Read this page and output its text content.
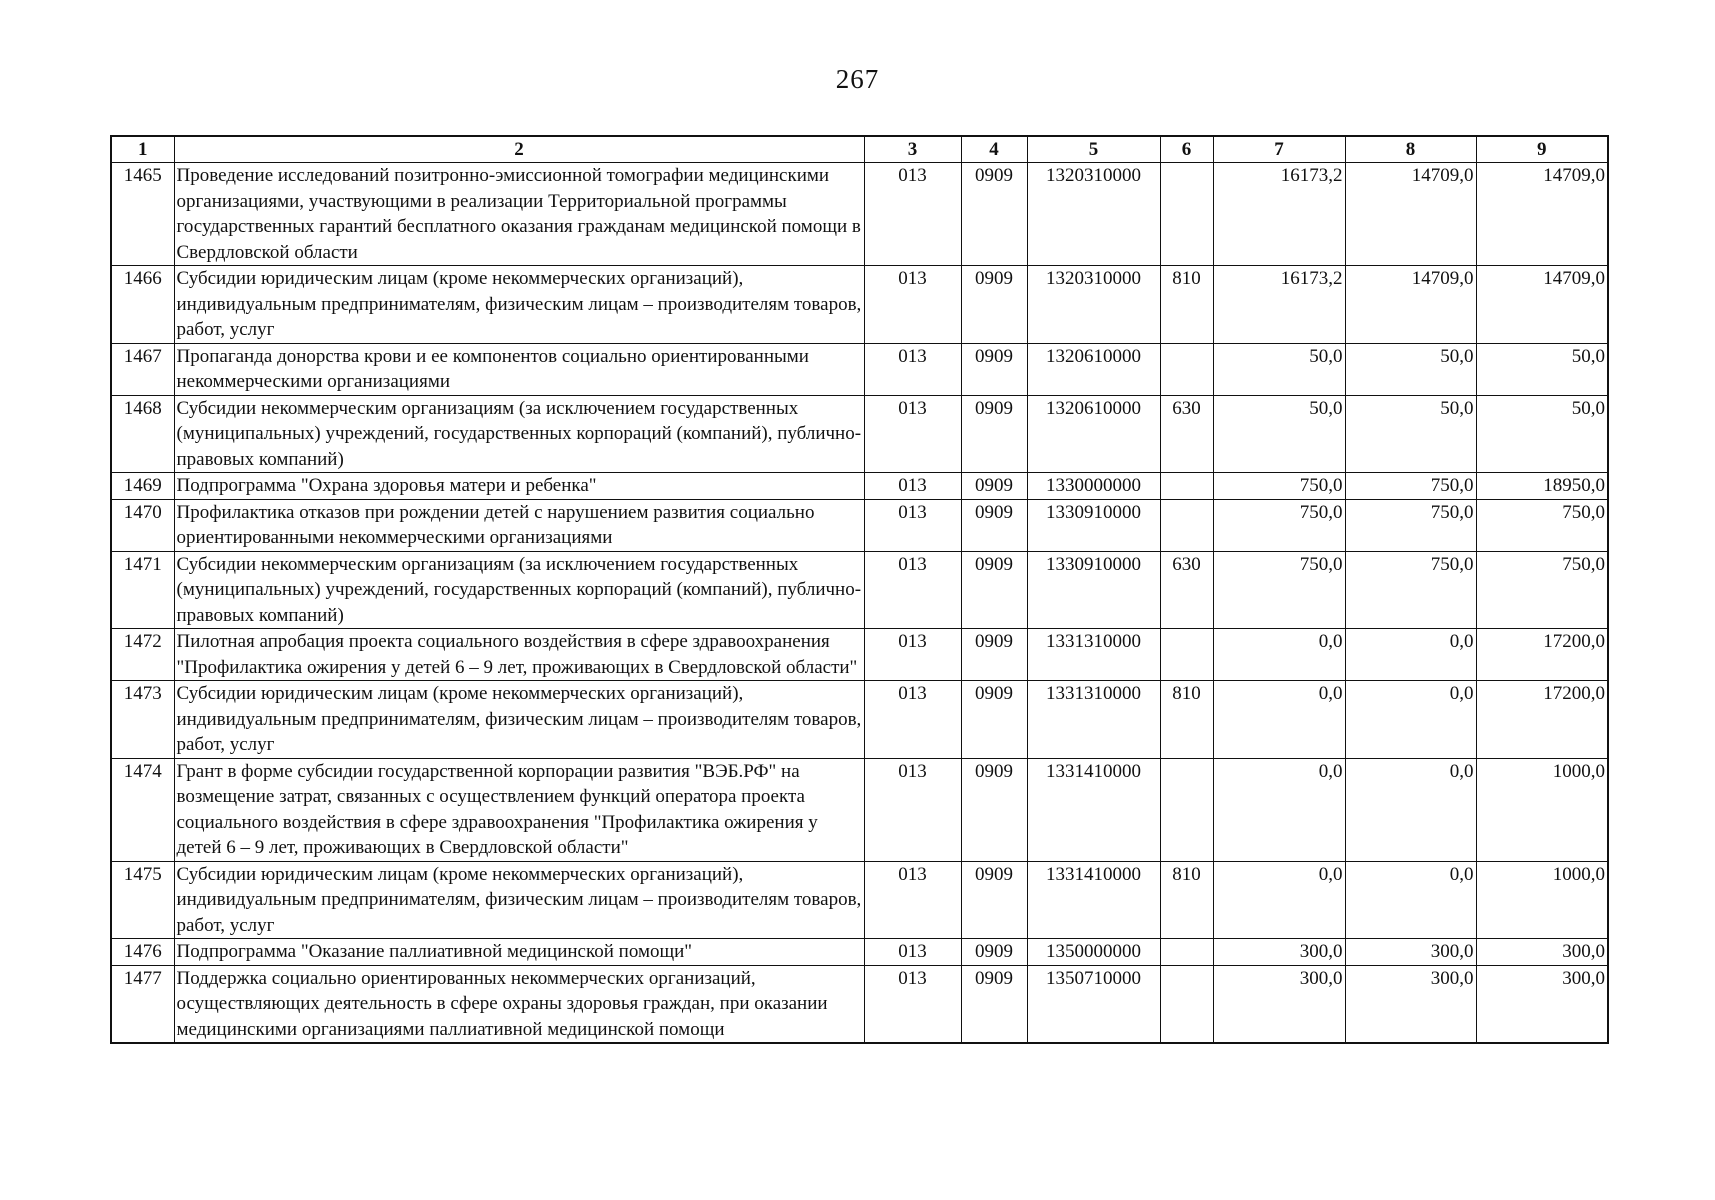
267
1	2	3	4	5	6	7	8	9
1465	Проведение исследований позитронно-эмиссионной томографии медицинскими организациями, участвующими в реализации Территориальной программы государственных гарантий бесплатного оказания гражданам медицинской помощи в Свердловской области	013	0909	1320310000		16173,2	14709,0	14709,0
1466	Субсидии юридическим лицам (кроме некоммерческих организаций), индивидуальным предпринимателям, физическим лицам – производителям товаров, работ, услуг	013	0909	1320310000	810	16173,2	14709,0	14709,0
1467	Пропаганда донорства крови и ее компонентов социально ориентированными некоммерческими организациями	013	0909	1320610000		50,0	50,0	50,0
1468	Субсидии некоммерческим организациям (за исключением государственных (муниципальных) учреждений, государственных корпораций (компаний), публично-правовых компаний)	013	0909	1320610000	630	50,0	50,0	50,0
1469	Подпрограмма "Охрана здоровья матери и ребенка"	013	0909	1330000000		750,0	750,0	18950,0
1470	Профилактика отказов при рождении детей с нарушением развития социально ориентированными некоммерческими организациями	013	0909	1330910000		750,0	750,0	750,0
1471	Субсидии некоммерческим организациям (за исключением государственных (муниципальных) учреждений, государственных корпораций (компаний), публично-правовых компаний)	013	0909	1330910000	630	750,0	750,0	750,0
1472	Пилотная апробация проекта социального воздействия в сфере здравоохранения "Профилактика ожирения у детей 6 – 9 лет, проживающих в Свердловской области"	013	0909	1331310000		0,0	0,0	17200,0
1473	Субсидии юридическим лицам (кроме некоммерческих организаций), индивидуальным предпринимателям, физическим лицам – производителям товаров, работ, услуг	013	0909	1331310000	810	0,0	0,0	17200,0
1474	Грант в форме субсидии государственной корпорации развития "ВЭБ.РФ" на возмещение затрат, связанных с осуществлением функций оператора проекта социального воздействия в сфере здравоохранения "Профилактика ожирения у детей 6 – 9 лет, проживающих в Свердловской области"	013	0909	1331410000		0,0	0,0	1000,0
1475	Субсидии юридическим лицам (кроме некоммерческих организаций), индивидуальным предпринимателям, физическим лицам – производителям товаров, работ, услуг	013	0909	1331410000	810	0,0	0,0	1000,0
1476	Подпрограмма "Оказание паллиативной медицинской помощи"	013	0909	1350000000		300,0	300,0	300,0
1477	Поддержка социально ориентированных некоммерческих организаций, осуществляющих деятельность в сфере охраны здоровья граждан, при оказании медицинскими организациями паллиативной медицинской помощи	013	0909	1350710000		300,0	300,0	300,0
